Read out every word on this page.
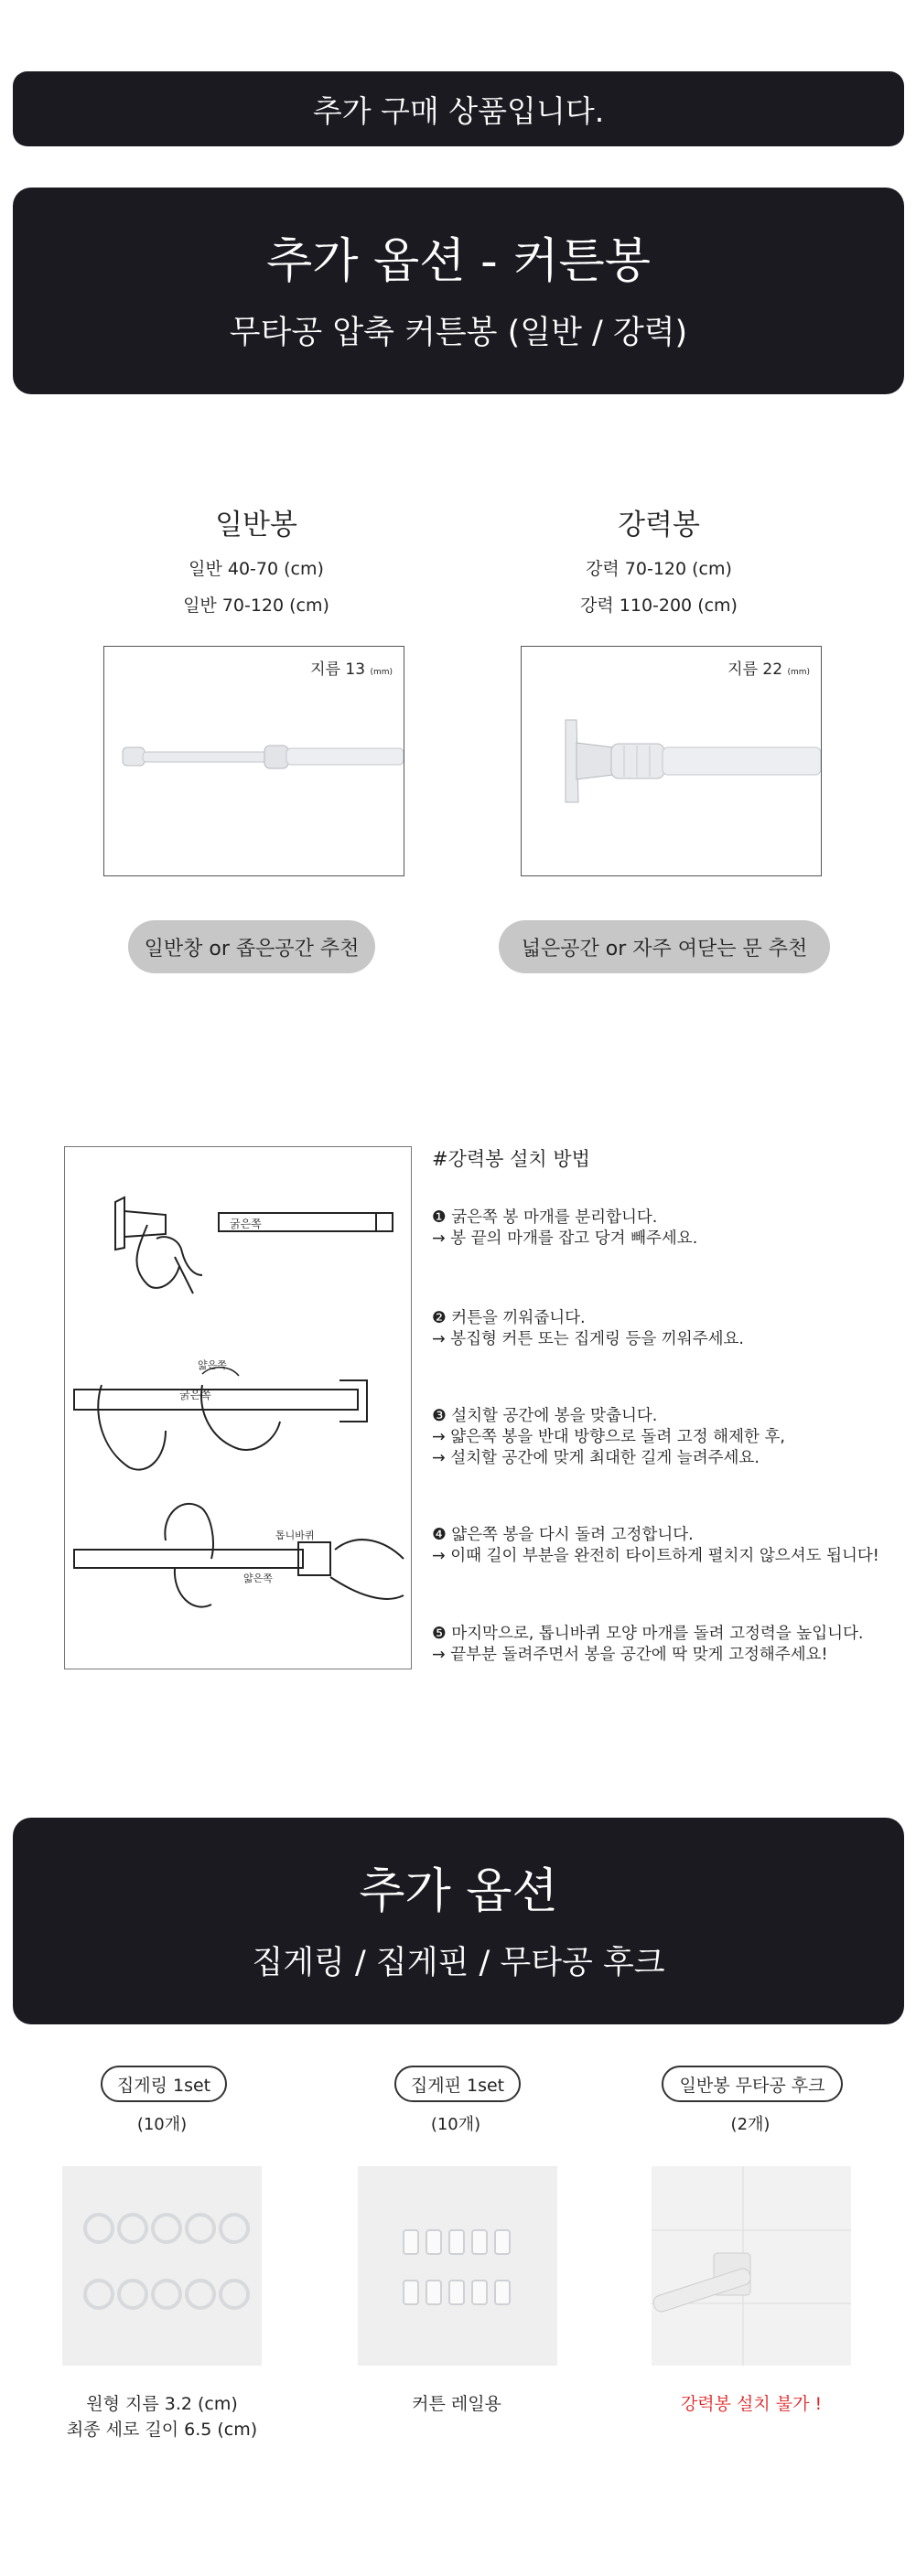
추가 구매 상품입니다.
추가 옵션 - 커튼봉
무타공 압축 커튼봉 (일반 / 강력)
일반봉
일반 40-70 (cm)
일반 70-120 (cm)
강력봉
강력 70-120 (cm)
강력 110-200 (cm)
지름 13 (mm)	지름 22 (mm)
일반창 or 좁은공간 추천	넓은공간 or 자주 여닫는 문 추천
굵은쪽
굵은쪽
얇은쪽
톱니바퀴
얇은쪽
#강력봉 설치 방법
❶ 굵은쪽 봉 마개를 분리합니다.
→ 봉 끝의 마개를 잡고 당겨 빼주세요.
❷ 커튼을 끼워줍니다.
→ 봉집형 커튼 또는 집게링 등을 끼워주세요.
❸ 설치할 공간에 봉을 맞춥니다.
→ 얇은쪽 봉을 반대 방향으로 돌려 고정 해제한 후,
→ 설치할 공간에 맞게 최대한 길게 늘려주세요.
❹ 얇은쪽 봉을 다시 돌려 고정합니다.
→ 이때 길이 부분을 완전히 타이트하게 펼치지 않으셔도 됩니다!
❺ 마지막으로, 톱니바퀴 모양 마개를 돌려 고정력을 높입니다.
→ 끝부분 돌려주면서 봉을 공간에 딱 맞게 고정해주세요!
추가 옵션
집게링 / 집게핀 / 무타공 후크
집게링 1set	집게핀 1set	일반봉 무타공 후크
(10개)	(10개)	(2개)
원형 지름 3.2 (cm)
최종 세로 길이 6.5 (cm)
커튼 레일용	강력봉 설치 불가 !
